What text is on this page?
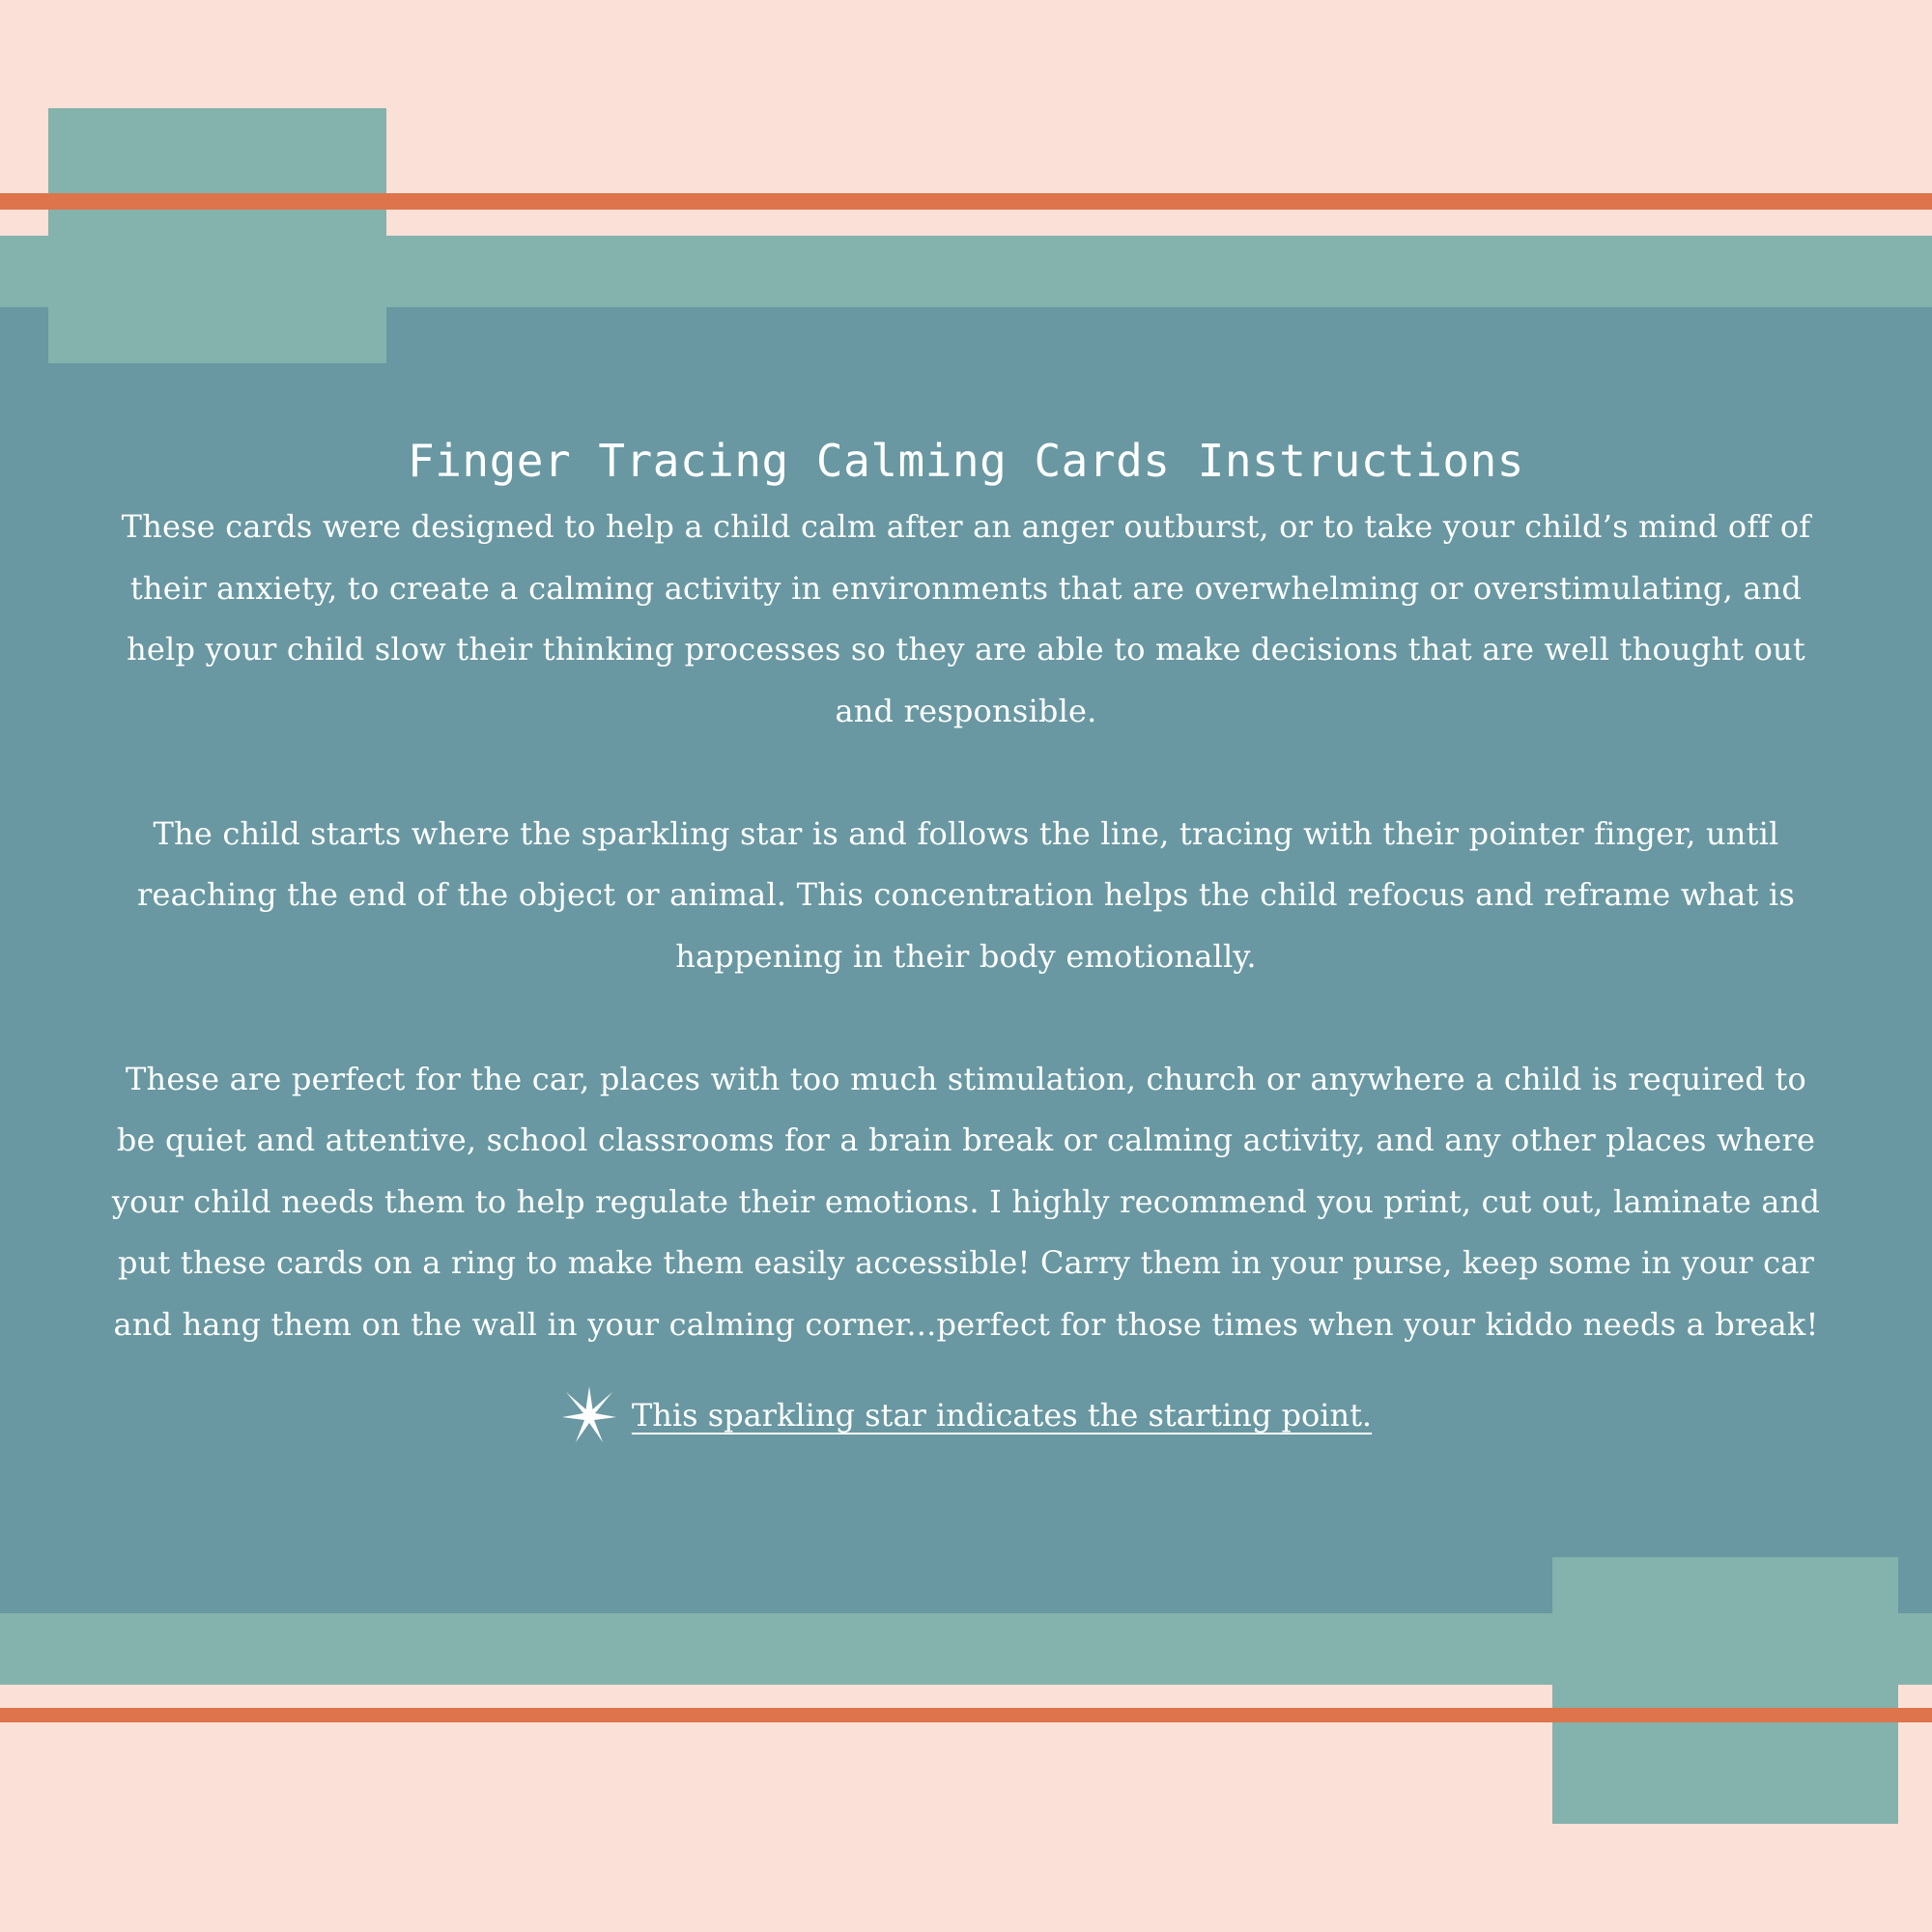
Finger Tracing Calming Cards Instructions

These cards were designed to help a child calm after an anger outburst, or to take your child’s mind off of their anxiety, to create a calming activity in environments that are overwhelming or overstimulating, and help your child slow their thinking processes so they are able to make decisions that are well thought out and responsible.

The child starts where the sparkling star is and follows the line, tracing with their pointer finger, until reaching the end of the object or animal. This concentration helps the child refocus and reframe what is happening in their body emotionally.

These are perfect for the car, places with too much stimulation, church or anywhere a child is required to be quiet and attentive, school classrooms for a brain break or calming activity, and any other places where your child needs them to help regulate their emotions. I highly recommend you print, cut out, laminate and put these cards on a ring to make them easily accessible! Carry them in your purse, keep some in your car and hang them on the wall in your calming corner...perfect for those times when your kiddo needs a break!

This sparkling star indicates the starting point.
